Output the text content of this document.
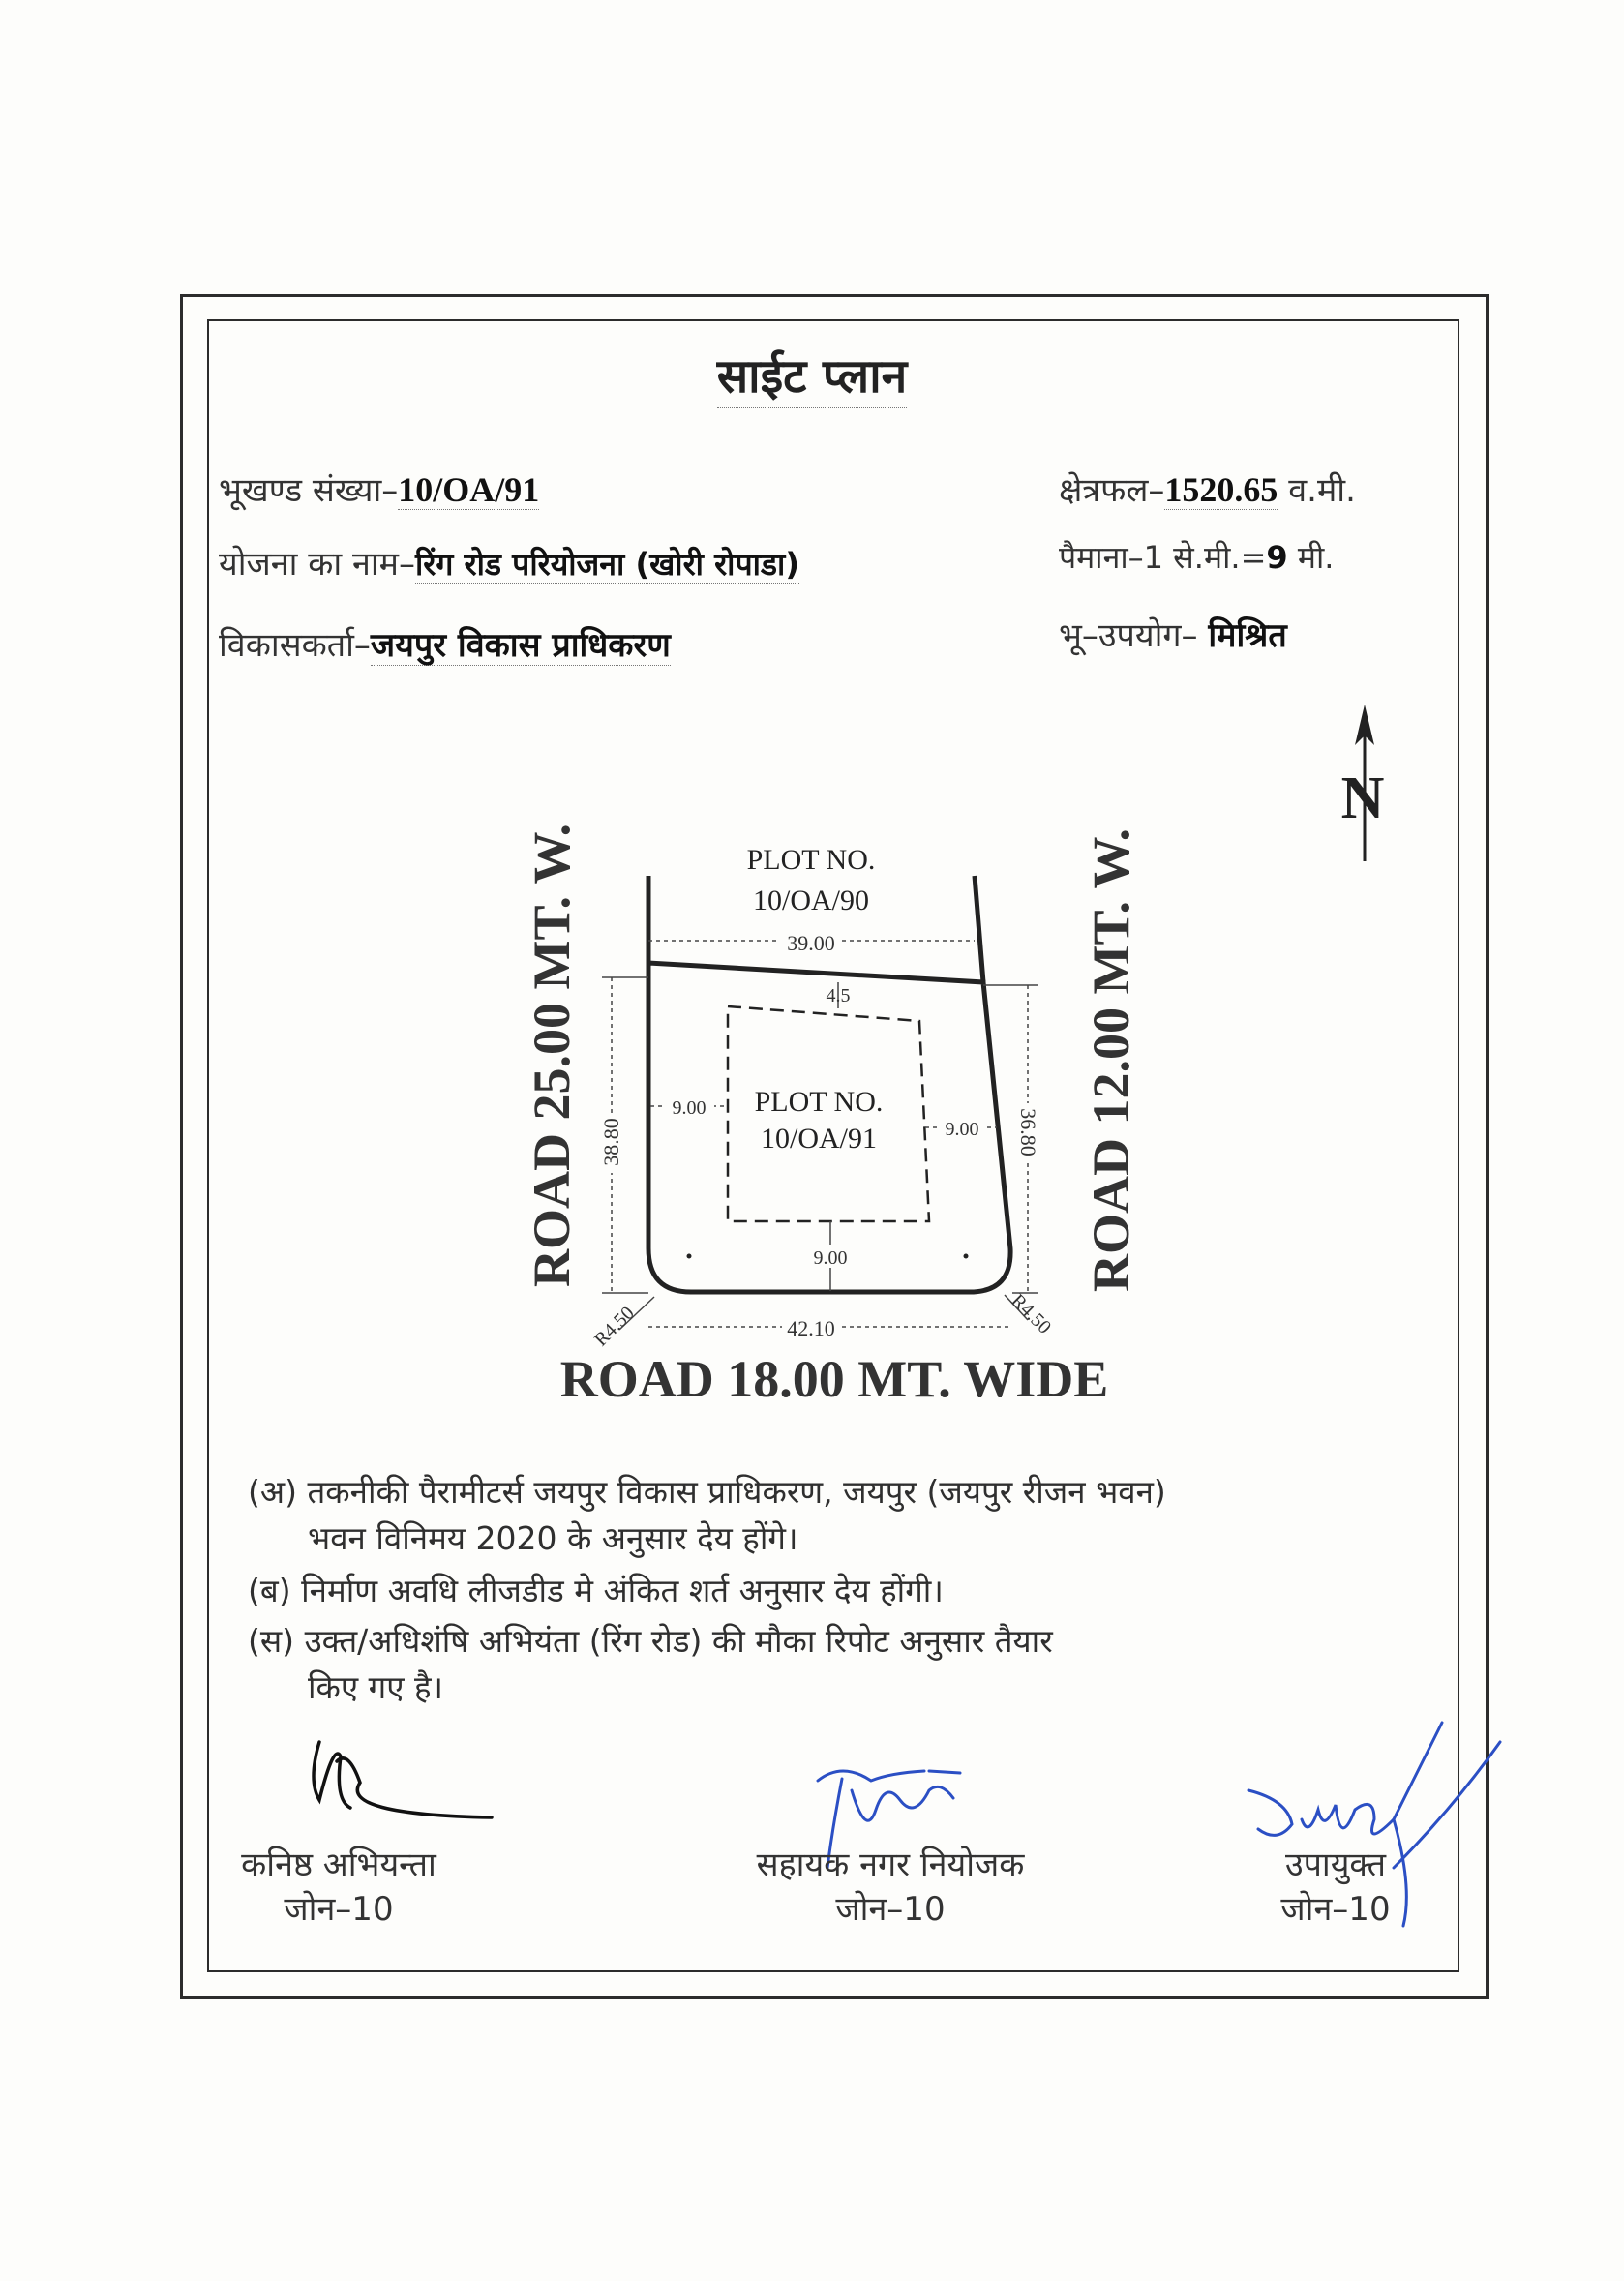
साईट प्लान
भूखण्ड संख्या–10/OA/91
योजना का नाम–रिंग रोड परियोजना (खोरी रोपाडा)
विकासकर्ता–जयपुर विकास प्राधिकरण
क्षेत्रफल–1520.65 व.मी.
पैमाना–1 से.मी.=9 मी.
भू–उपयोग– मिश्रित
N
ROAD 25.00 MT. W.	ROAD 12.00 MT. W.
ROAD 18.00 MT. WIDE
PLOT NO.
10/OA/90
PLOT NO.
10/OA/91
39.00
42.10
38.80	36.80
4.5
9.00
9.00
9.00
R4.50	R4.50
(अ) तकनीकी पैरामीटर्स जयपुर विकास प्राधिकरण, जयपुर (जयपुर रीजन भवन)
भवन विनिमय 2020 के अनुसार देय होंगे।
(ब) निर्माण अवधि लीजडीड मे अंकित शर्त अनुसार देय होंगी।
(स) उक्त/अधिशंषि अभियंता (रिंग रोड) की मौका रिपोट अनुसार तैयार
किए गए है।
कनिष्ठ अभियन्ता
जोन–10
सहायक नगर नियोजक
जोन–10
उपायुक्त
जोन–10
